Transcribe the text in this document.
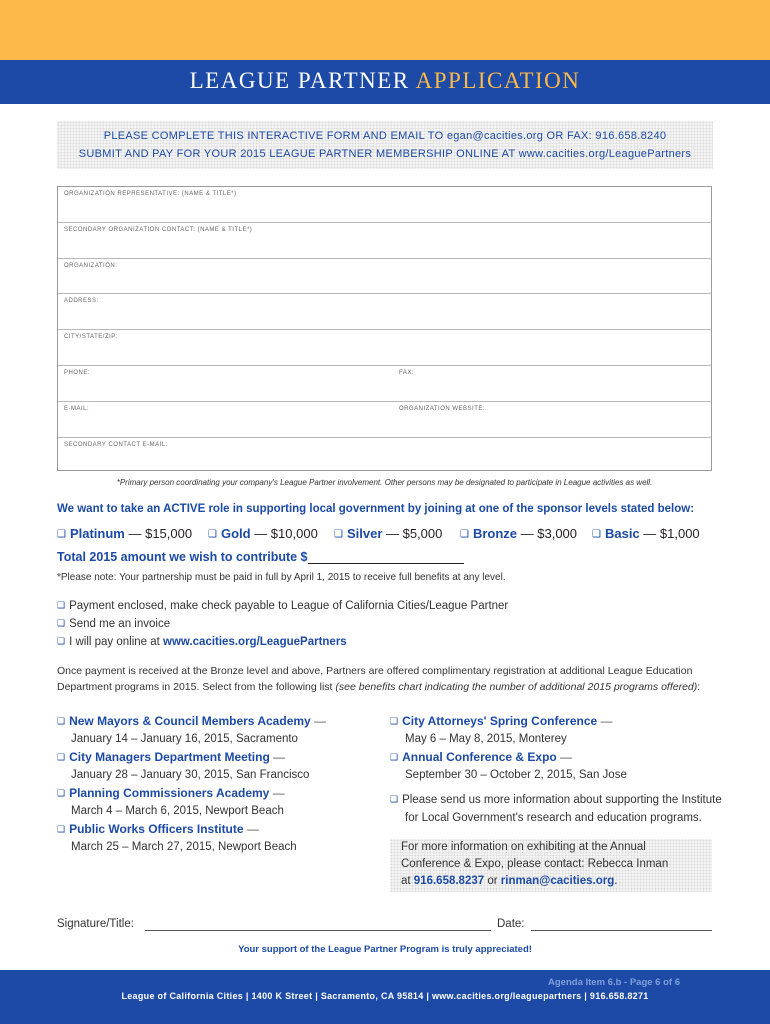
LEAGUE PARTNER APPLICATION
PLEASE COMPLETE THIS INTERACTIVE FORM AND EMAIL TO egan@cacities.org OR FAX: 916.658.8240
SUBMIT AND PAY FOR YOUR 2015 LEAGUE PARTNER MEMBERSHIP ONLINE AT www.cacities.org/LeaguePartners
ORGANIZATION REPRESENTATIVE: (NAME & TITLE*)
SECONDARY ORGANIZATION CONTACT: (NAME & TITLE*)
ORGANIZATION:
ADDRESS:
CITY/STATE/ZIP:
PHONE:	FAX:
E-MAIL:	ORGANIZATION WEBSITE:
SECONDARY CONTACT E-MAIL:
*Primary person coordinating your company's League Partner involvement. Other persons may be designated to participate in League activities as well.
We want to take an ACTIVE role in supporting local government by joining at one of the sponsor levels stated below:
❑ Platinum — $15,000 ❑ Gold — $10,000 ❑ Silver — $5,000 ❑ Bronze — $3,000 ❑ Basic — $1,000
Total 2015 amount we wish to contribute $
*Please note: Your partnership must be paid in full by April 1, 2015 to receive full benefits at any level.
❑ Payment enclosed, make check payable to League of California Cities/League Partner
❑ Send me an invoice
❑ I will pay online at www.cacities.org/LeaguePartners
Once payment is received at the Bronze level and above, Partners are offered complimentary registration at additional League Education Department programs in 2015. Select from the following list (see benefits chart indicating the number of additional 2015 programs offered):
❑ New Mayors & Council Members Academy —
January 14 – January 16, 2015, Sacramento
❑ City Managers Department Meeting —
January 28 – January 30, 2015, San Francisco
❑ Planning Commissioners Academy —
March 4 – March 6, 2015, Newport Beach
❑ Public Works Officers Institute —
March 25 – March 27, 2015, Newport Beach
❑ City Attorneys' Spring Conference —
May 6 – May 8, 2015, Monterey
❑ Annual Conference & Expo —
September 30 – October 2, 2015, San Jose
❑ Please send us more information about supporting the Institute
for Local Government's research and education programs.
For more information on exhibiting at the Annual
Conference & Expo, please contact: Rebecca Inman
at 916.658.8237 or rinman@cacities.org.
Signature/Title:	Date:
Your support of the League Partner Program is truly appreciated!
Agenda Item 6.b - Page 6 of 6
League of California Cities | 1400 K Street | Sacramento, CA 95814 | www.cacities.org/leaguepartners | 916.658.8271
